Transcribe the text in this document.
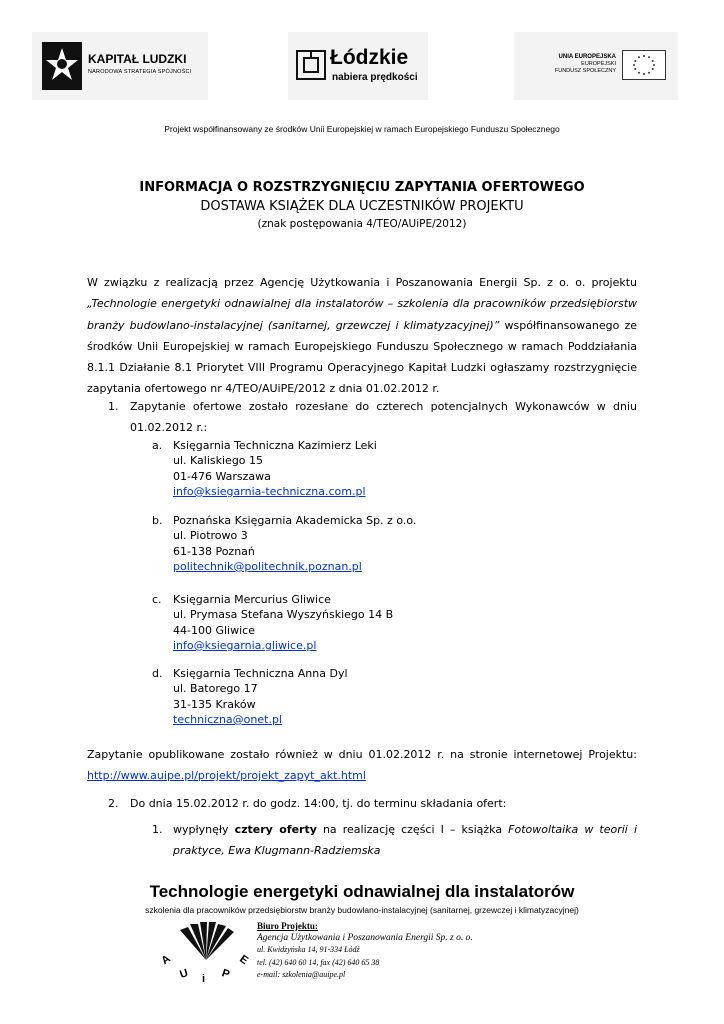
KAPITAŁ LUDZKI
NARODOWA STRATEGIA SPÓJNOŚCI
Łódzkie
nabiera prędkości
UNIA EUROPEJSKA
EUROPEJSKI
FUNDUSZ SPOŁECZNY
Projekt współfinansowany ze środków Unii Europejskiej w ramach Europejskiego Funduszu Społecznego
INFORMACJA O ROZSTRZYGNIĘCIU ZAPYTANIA OFERTOWEGO
DOSTAWA KSIĄŻEK DLA UCZESTNIKÓW PROJEKTU
(znak postępowania 4/TEO/AUiPE/2012)
W związku z realizacją przez Agencję Użytkowania i Poszanowania Energii Sp. z o. o. projektu „Technologie energetyki odnawialnej dla instalatorów – szkolenia dla pracowników przedsiębiorstw branży budowlano-instalacyjnej (sanitarnej, grzewczej i klimatyzacyjnej)” współfinansowanego ze środków Unii Europejskiej w ramach Europejskiego Funduszu Społecznego w ramach Poddziałania 8.1.1 Działanie 8.1 Priorytet VIII Programu Operacyjnego Kapitał Ludzki ogłaszamy rozstrzygnięcie zapytania ofertowego nr 4/TEO/AUiPE/2012 z dnia 01.02.2012 r.
1. Zapytanie ofertowe zostało rozesłane do czterech potencjalnych Wykonawców w dniu
01.02.2012 r.:
a. Księgarnia Techniczna Kazimierz Leki
ul. Kaliskiego 15
01-476 Warszawa
info@ksiegarnia-techniczna.com.pl
b. Poznańska Księgarnia Akademicka Sp. z o.o.
ul. Piotrowo 3
61-138 Poznań
politechnik@politechnik.poznan.pl
c. Księgarnia Mercurius Gliwice
ul. Prymasa Stefana Wyszyńskiego 14 B
44-100 Gliwice
info@ksiegarnia.gliwice.pl
d. Księgarnia Techniczna Anna Dyl
ul. Batorego 17
31-135 Kraków
techniczna@onet.pl
Zapytanie opublikowane zostało również w dniu 01.02.2012 r. na stronie internetowej Projektu:
http://www.auipe.pl/projekt/projekt_zapyt_akt.html
2. Do dnia 15.02.2012 r. do godz. 14:00, tj. do terminu składania ofert:
1. wypłynęły cztery oferty na realizację części I – książka Fotowoltaika w teorii i
praktyce, Ewa Klugmann-Radziemska
Technologie energetyki odnawialnej dla instalatorów
szkolenia dla pracowników przedsiębiorstw branży budowlano-instalacyjnej (sanitarnej, grzewczej i klimatyzacyjnej)
A
U i P
E
Biuro Projektu:
Agencja Użytkowania i Poszanowania Energii Sp. z o. o.
ul. Kwidzyńska 14, 91-334 Łódź
tel. (42) 640 60 14, fax (42) 640 65 38
e-mail: szkolenia@auipe.pl
